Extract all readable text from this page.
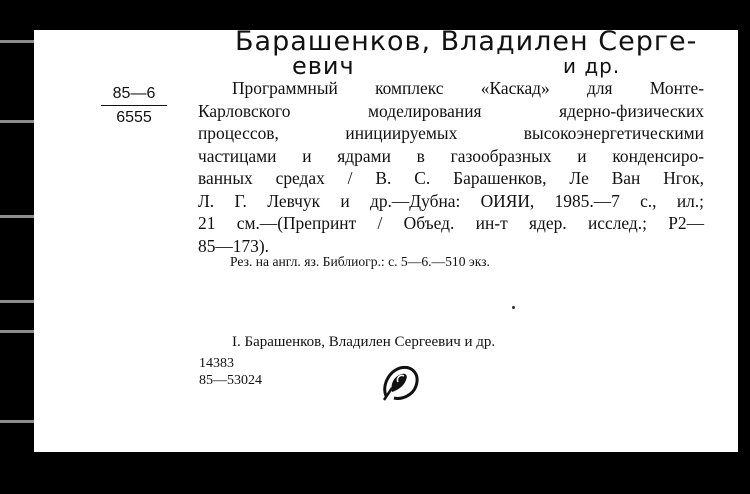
Барашенков, Владилен Серге-
евич	и др.
$\frac{85—6}{6555}$	Программный комплекс «Каскад» для Монте-
Карловского моделирования ядерно-физических
процессов, инициируемых высокоэнергетическими
частицами и ядрами в газообразных и конденсиро-
ванных средах / В. С. Барашенков, Ле Ван Нгок,
Л. Г. Левчук и др.—Дубна: ОИЯИ, 1985.—7 с., ил.;
21 см.—(Препринт / Объед. ин-т ядер. исслед.; Р2—
85—173).
Рез. на англ. яз. Библиогр.: с. 5—6.—510 экз.
I. Барашенков, Владилен Сергеевич и др.
14383
85—53024
